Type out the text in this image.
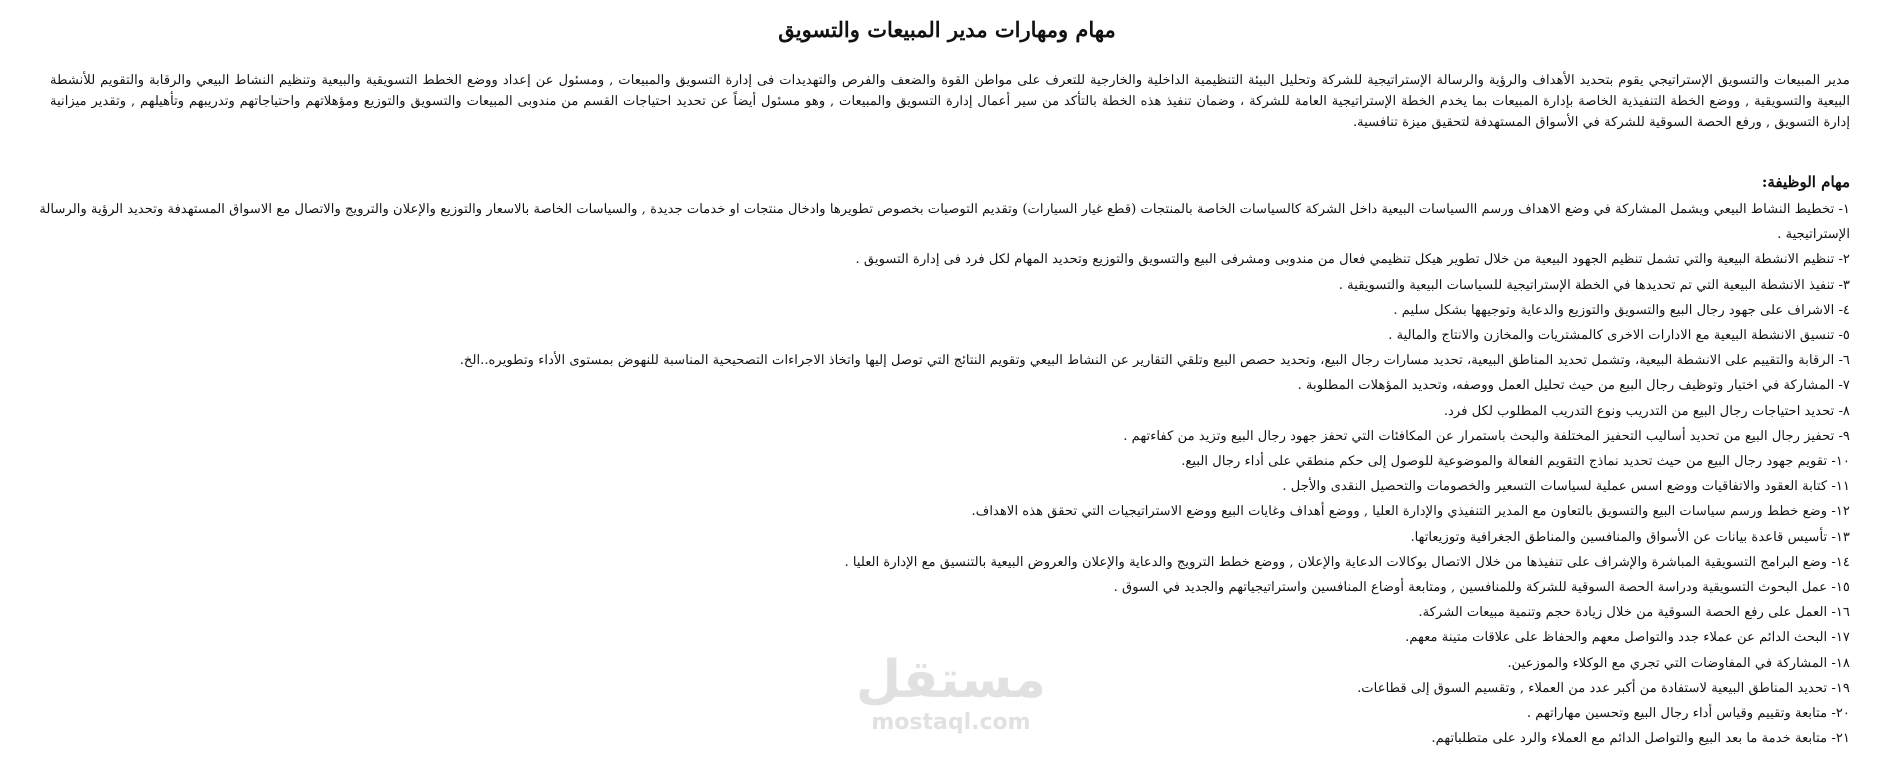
مهام ومهارات مدير المبيعات والتسويق

مدير المبيعات والتسويق الإستراتيجي يقوم بتحديد الأهداف والرؤية والرسالة الإستراتيجية للشركة وتحليل البيئة التنظيمية الداخلية والخارجية للتعرف على مواطن القوة والضعف والفرص والتهديدات فى إدارة التسويق والمبيعات , ومسئول عن إعداد ووضع الخطط التسويقية والبيعية وتنظيم النشاط البيعي والرقابة والتقويم للأنشطة البيعية والتسويقية , ووضع الخطة التنفيذية الخاصة بإدارة المبيعات بما يخدم الخطة الإستراتيجية العامة للشركة ، وضمان تنفيذ هذه الخطة بالتأكد من سير أعمال إدارة التسويق والمبيعات , وهو مسئول أيضاً عن تحديد احتياجات القسم من مندوبى المبيعات والتسويق والتوزيع ومؤهلاتهم واحتياجاتهم وتدريبهم وتأهيلهم , وتقدير ميزانية إدارة التسويق , ورفع الحصة السوقية للشركة في الأسواق المستهدفة لتحقيق ميزة تنافسية.

مهام الوظيفة:
١- تخطيط النشاط البيعي ويشمل المشاركة في وضع الاهداف ورسم االسياسات البيعية داخل الشركة كالسياسات الخاصة بالمنتجات (قطع غيار السيارات) وتقديم التوصيات بخصوص تطويرها وادخال منتجات او خدمات جديدة , والسياسات الخاصة بالاسعار والتوزيع والإعلان والترويج والاتصال مع الاسواق المستهدفة وتحديد الرؤية والرسالة الإستراتيجية .
٢- تنظيم الانشطة البيعية والتي تشمل تنظيم الجهود البيعية من خلال تطوير هيكل تنظيمي فعال من مندوبى ومشرفى البيع والتسويق والتوزيع وتحديد المهام لكل فرد فى إدارة التسويق .
٣- تنفيذ الانشطة البيعية التي تم تحديدها في الخطة الإستراتيجية للسياسات البيعية والتسويقية .
٤- الاشراف على جهود رجال البيع والتسويق والتوزيع والدعاية وتوجيهها بشكل سليم .
٥- تنسيق الانشطة البيعية مع الادارات الاخرى كالمشتريات والمخازن والانتاج والمالية .
٦- الرقابة والتقييم على الانشطة البيعية، وتشمل تحديد المناطق البيعية، تحديد مسارات رجال البيع، وتحديد حصص البيع وتلقي التقارير عن النشاط البيعي وتقويم النتائج التي توصل إليها واتخاذ الاجراءات التصحيحية المناسبة للنهوض بمستوى الأداء وتطويره..الخ.
٧- المشاركة في اختيار وتوظيف رجال البيع من حيث تحليل العمل ووصفه، وتحديد المؤهلات المطلوبة .
٨- تحديد احتياجات رجال البيع من التدريب ونوع التدريب المطلوب لكل فرد.
٩- تحفيز رجال البيع من تحديد أساليب التحفيز المختلفة والبحث باستمرار عن المكافئات التي تحفز جهود رجال البيع وتزيد من كفاءتهم .
١٠- تقويم جهود رجال البيع من حيث تحديد نماذج التقويم الفعالة والموضوعية للوصول إلى حكم منطقي على أداء رجال البيع.
١١- كتابة العقود والاتفاقيات ووضع اسس عملية لسياسات التسعير والخصومات والتحصيل النقدى والأجل .
١٢- وضع خطط ورسم سياسات البيع والتسويق بالتعاون مع المدير التنفيذي والإدارة العليا , ووضع أهداف وغايات البيع ووضع الاستراتيجيات التي تحقق هذه الاهداف.
١٣- تأسيس قاعدة بيانات عن الأسواق والمنافسين والمناطق الجغرافية وتوزيعاتها.
١٤- وضع البرامج التسويقية المباشرة والإشراف على تنفيذها من خلال الاتصال بوكالات الدعاية والإعلان , ووضع خطط الترويج والدعاية والإعلان والعروض البيعية بالتنسيق مع الإدارة العليا .
١٥- عمل البحوث التسويقية ودراسة الحصة السوقية للشركة وللمنافسين , ومتابعة أوضاع المنافسين واستراتيجياتهم والجديد في السوق .
١٦- العمل على رفع الحصة السوقية من خلال زيادة حجم وتنمية مبيعات الشركة.
١٧- البحث الدائم عن عملاء جدد والتواصل معهم والحفاظ على علاقات متينة معهم.
١٨- المشاركة في المفاوضات التي تجري مع الوكلاء والموزعين.
١٩- تحديد المناطق البيعية لاستفادة من أكبر عدد من العملاء , وتقسيم السوق إلى قطاعات.
٢٠- متابعة وتقييم وقياس أداء رجال البيع وتحسين مهاراتهم .
٢١- متابعة خدمة ما بعد البيع والتواصل الدائم مع العملاء والرد على متطلباتهم.
مستقل
mostaql.com
